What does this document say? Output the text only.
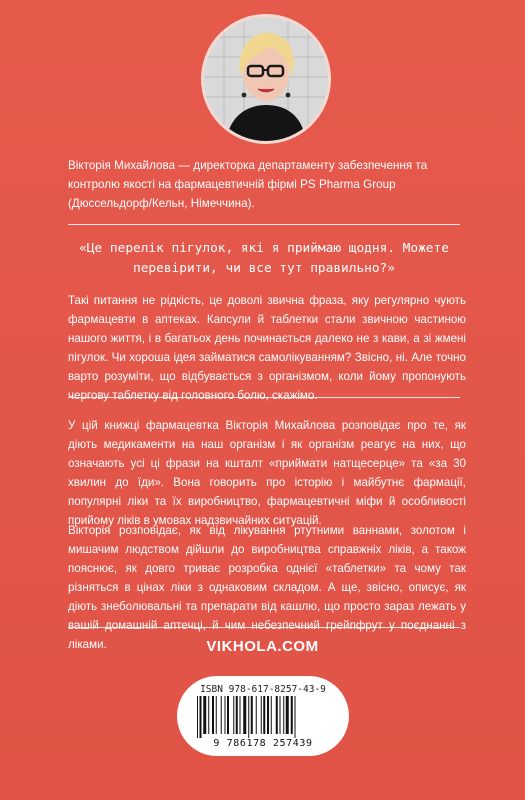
Вікторія Михайлова — директорка департаменту забезпечення та контролю якості на фармацевтичній фірмі PS Pharma Group (Дюссельдорф/Кельн, Німеччина).
«Це перелік пігулок, які я приймаю щодня. Можете перевірити, чи все тут правильно?»
Такі питання не рідкість, це доволі звична фраза, яку регулярно чують фармацевти в аптеках. Капсули й таблетки стали звичною частиною нашого життя, і в багатьох день починається далеко не з кави, а зі жмені пігулок. Чи хороша ідея займатися самолікуванням? Звісно, ні. Але точно варто розуміти, що відбувається з організмом, коли йому пропонують чергову таблетку від головного болю, скажімо.
У цій книжці фармацевтка Вікторія Михайлова розповідає про те, як діють медикаменти на наш організм і як організм реагує на них, що означають усі ці фрази на кшталт «приймати натщесерце» та «за 30 хвилин до їди». Вона говорить про історію і майбутнє фармації, популярні ліки та їх виробництво, фармацевтичні міфи й особливості прийому ліків в умовах надзвичайних ситуацій.
Вікторія розповідає, як від лікування ртутними ваннами, золотом і мишачим людством дійшли до виробництва справжніх ліків, а також пояснює, як довго триває розробка однієї «таблетки» та чому так різняться в цінах ліки з однаковим складом. А ще, звісно, описує, як діють знеболювальні та препарати від кашлю, що просто зараз лежать у вашій домашній аптечці, й чим небезпечний грейпфрут у поєднанні з ліками.	VIKHOLA.COM
ISBN 978-617-8257-43-9
9 786178 257439
